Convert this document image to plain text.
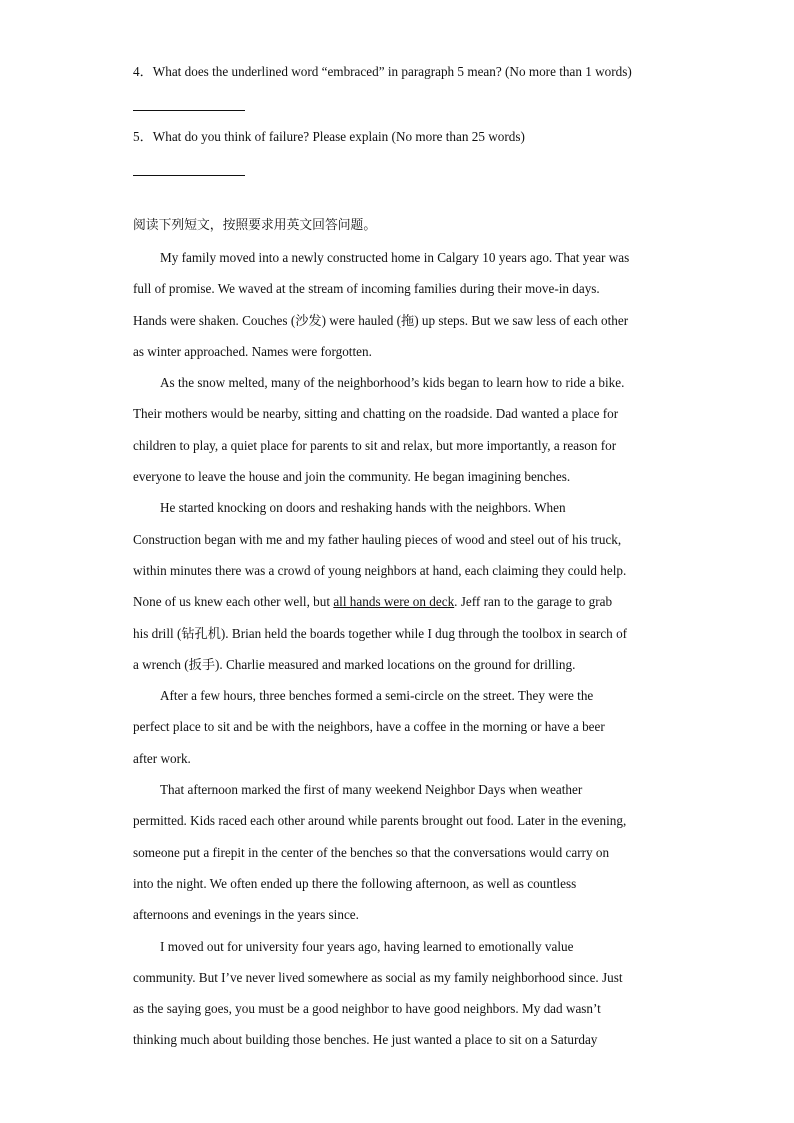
4．What does the underlined word “embraced” in paragraph 5 mean? (No more than 1 words)
5．What do you think of failure? Please explain (No more than 25 words)
阅读下列短文，按照要求用英文回答问题。
My family moved into a newly constructed home in Calgary 10 years ago. That year was
full of promise. We waved at the stream of incoming families during their move-in days.
Hands were shaken. Couches (沙发) were hauled (拖) up steps. But we saw less of each other
as winter approached. Names were forgotten.
As the snow melted, many of the neighborhood’s kids began to learn how to ride a bike.
Their mothers would be nearby, sitting and chatting on the roadside. Dad wanted a place for
children to play, a quiet place for parents to sit and relax, but more importantly, a reason for
everyone to leave the house and join the community. He began imagining benches.
He started knocking on doors and reshaking hands with the neighbors. When
Construction began with me and my father hauling pieces of wood and steel out of his truck,
within minutes there was a crowd of young neighbors at hand, each claiming they could help.
None of us knew each other well, but all hands were on deck. Jeff ran to the garage to grab
his drill (钻孔机). Brian held the boards together while I dug through the toolbox in search of
a wrench (扳手). Charlie measured and marked locations on the ground for drilling.
After a few hours, three benches formed a semi-circle on the street. They were the
perfect place to sit and be with the neighbors, have a coffee in the morning or have a beer
after work.
That afternoon marked the first of many weekend Neighbor Days when weather
permitted. Kids raced each other around while parents brought out food. Later in the evening,
someone put a firepit in the center of the benches so that the conversations would carry on
into the night. We often ended up there the following afternoon, as well as countless
afternoons and evenings in the years since.
I moved out for university four years ago, having learned to emotionally value
community. But I’ve never lived somewhere as social as my family neighborhood since. Just
as the saying goes, you must be a good neighbor to have good neighbors. My dad wasn’t
thinking much about building those benches. He just wanted a place to sit on a Saturday
